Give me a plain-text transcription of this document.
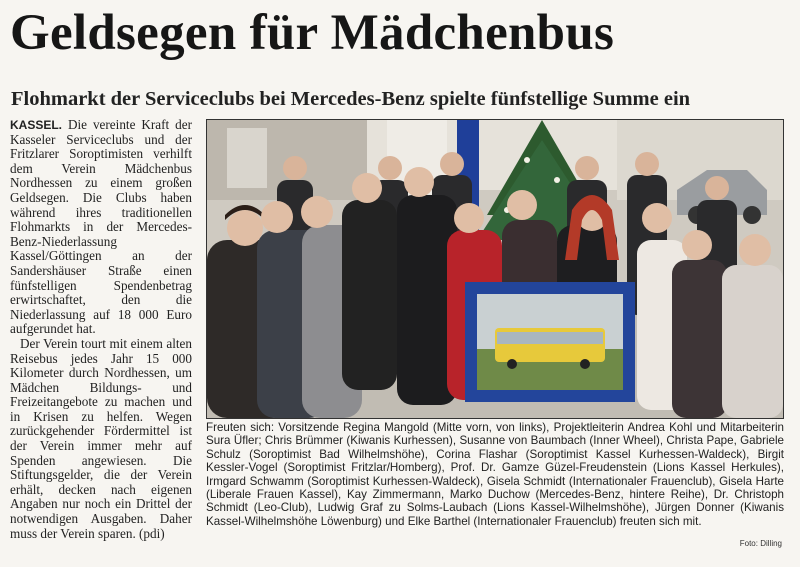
Geldsegen für Mädchenbus
Flohmarkt der Serviceclubs bei Mercedes-Benz spielte fünfstellige Summe ein

KASSEL. Die vereinte Kraft der Kasseler Serviceclubs und der Fritzlarer Soroptimisten verhilft dem Verein Mädchenbus Nordhessen zu einem großen Geldsegen. Die Clubs haben während ihres traditionellen Flohmarkts in der Mercedes-Benz-Niederlassung Kassel/Göttingen an der Sandershäuser Straße einen fünfstelligen Spendenbetrag erwirtschaftet, den die Niederlassung auf 18 000 Euro aufgerundet hat.

Der Verein tourt mit einem alten Reisebus jedes Jahr 15 000 Kilometer durch Nordhessen, um Mädchen Bildungs- und Freizeitangebote zu machen und in Krisen zu helfen. Wegen zurückgehender Fördermittel ist der Verein immer mehr auf Spenden angewiesen. Die Stiftungsgelder, die der Verein erhält, decken nach eigenen Angaben nur noch ein Drittel der notwendigen Ausgaben. Daher muss der Verein sparen. (pdi)

Freuten sich: Vorsitzende Regina Mangold (Mitte vorn, von links), Projektleiterin Andrea Kohl und Mitarbeiterin Sura Üfler; Chris Brümmer (Kiwanis Kurhessen), Susanne von Baumbach (Inner Wheel), Christa Pape, Gabriele Schulz (Soroptimist Bad Wilhelmshöhe), Corina Flashar (Soroptimist Kassel Kurhessen-Waldeck), Birgit Kessler-Vogel (Soroptimist Fritzlar/Homberg), Prof. Dr. Gamze Güzel-Freudenstein (Lions Kassel Herkules), Irmgard Schwamm (Soroptimist Kurhessen-Waldeck), Gisela Schmidt (Internationaler Frauenclub), Gisela Harte (Liberale Frauen Kassel), Kay Zimmermann, Marko Duchow (Mercedes-Benz, hintere Reihe), Dr. Christoph Schmidt (Leo-Club), Ludwig Graf zu Solms-Laubach (Lions Kassel-Wilhelmshöhe), Jürgen Donner (Kiwanis Kassel-Wilhelmshöhe Löwenburg) und Elke Barthel (Internationaler Frauenclub) freuten sich mit.

Foto: Dilling
